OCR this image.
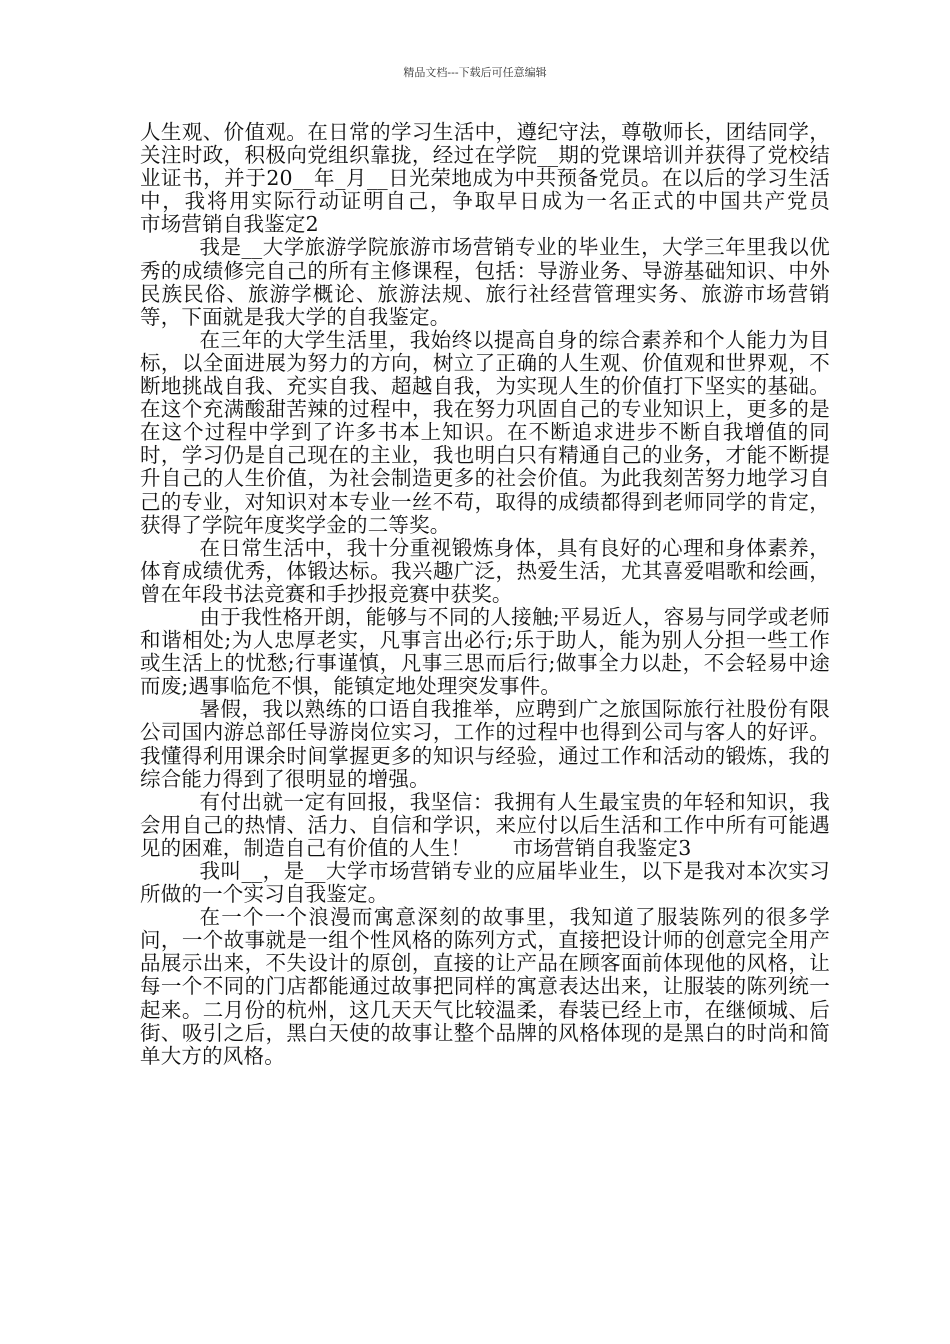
精品文档---下载后可任意编辑

人生观、价值观。在日常的学习生活中，遵纪守法，尊敬师长，团结同学，关注时政，积极向党组织靠拢，经过在学院__期的党课培训并获得了党校结业证书，并于20__年_月__日光荣地成为中共预备党员。在以后的学习生活中，我将用实际行动证明自己，争取早日成为一名正式的中国共产党员　　市场营销自我鉴定2

我是__大学旅游学院旅游市场营销专业的毕业生，大学三年里我以优秀的成绩修完自己的所有主修课程，包括：导游业务、导游基础知识、中外民族民俗、旅游学概论、旅游法规、旅行社经营管理实务、旅游市场营销等，下面就是我大学的自我鉴定。

在三年的大学生活里，我始终以提高自身的综合素养和个人能力为目标，以全面进展为努力的方向，树立了正确的人生观、价值观和世界观，不断地挑战自我、充实自我、超越自我，为实现人生的价值打下坚实的基础。在这个充满酸甜苦辣的过程中，我在努力巩固自己的专业知识上，更多的是在这个过程中学到了许多书本上知识。在不断追求进步不断自我增值的同时，学习仍是自己现在的主业，我也明白只有精通自己的业务，才能不断提升自己的人生价值，为社会制造更多的社会价值。为此我刻苦努力地学习自己的专业，对知识对本专业一丝不苟，取得的成绩都得到老师同学的肯定，获得了学院年度奖学金的二等奖。

在日常生活中，我十分重视锻炼身体，具有良好的心理和身体素养，体育成绩优秀，体锻达标。我兴趣广泛，热爱生活，尤其喜爱唱歌和绘画，曾在年段书法竞赛和手抄报竞赛中获奖。

由于我性格开朗，能够与不同的人接触;平易近人，容易与同学或老师和谐相处;为人忠厚老实，凡事言出必行;乐于助人，能为别人分担一些工作或生活上的忧愁;行事谨慎，凡事三思而后行;做事全力以赴，不会轻易中途而废;遇事临危不惧，能镇定地处理突发事件。

暑假，我以熟练的口语自我推举，应聘到广之旅国际旅行社股份有限公司国内游总部任导游岗位实习，工作的过程中也得到公司与客人的好评。我懂得利用课余时间掌握更多的知识与经验，通过工作和活动的锻炼，我的综合能力得到了很明显的增强。

有付出就一定有回报，我坚信：我拥有人生最宝贵的年轻和知识，我会用自己的热情、活力、自信和学识，来应付以后生活和工作中所有可能遇见的困难，制造自己有价值的人生！　　市场营销自我鉴定3

我叫__，是__大学市场营销专业的应届毕业生，以下是我对本次实习所做的一个实习自我鉴定。

在一个一个浪漫而寓意深刻的故事里，我知道了服装陈列的很多学问，一个故事就是一组个性风格的陈列方式，直接把设计师的创意完全用产品展示出来，不失设计的原创，直接的让产品在顾客面前体现他的风格，让每一个不同的门店都能通过故事把同样的寓意表达出来，让服装的陈列统一起来。二月份的杭州，这几天天气比较温柔，春装已经上市，在继倾城、后街、吸引之后，黑白天使的故事让整个品牌的风格体现的是黑白的时尚和简单大方的风格。
